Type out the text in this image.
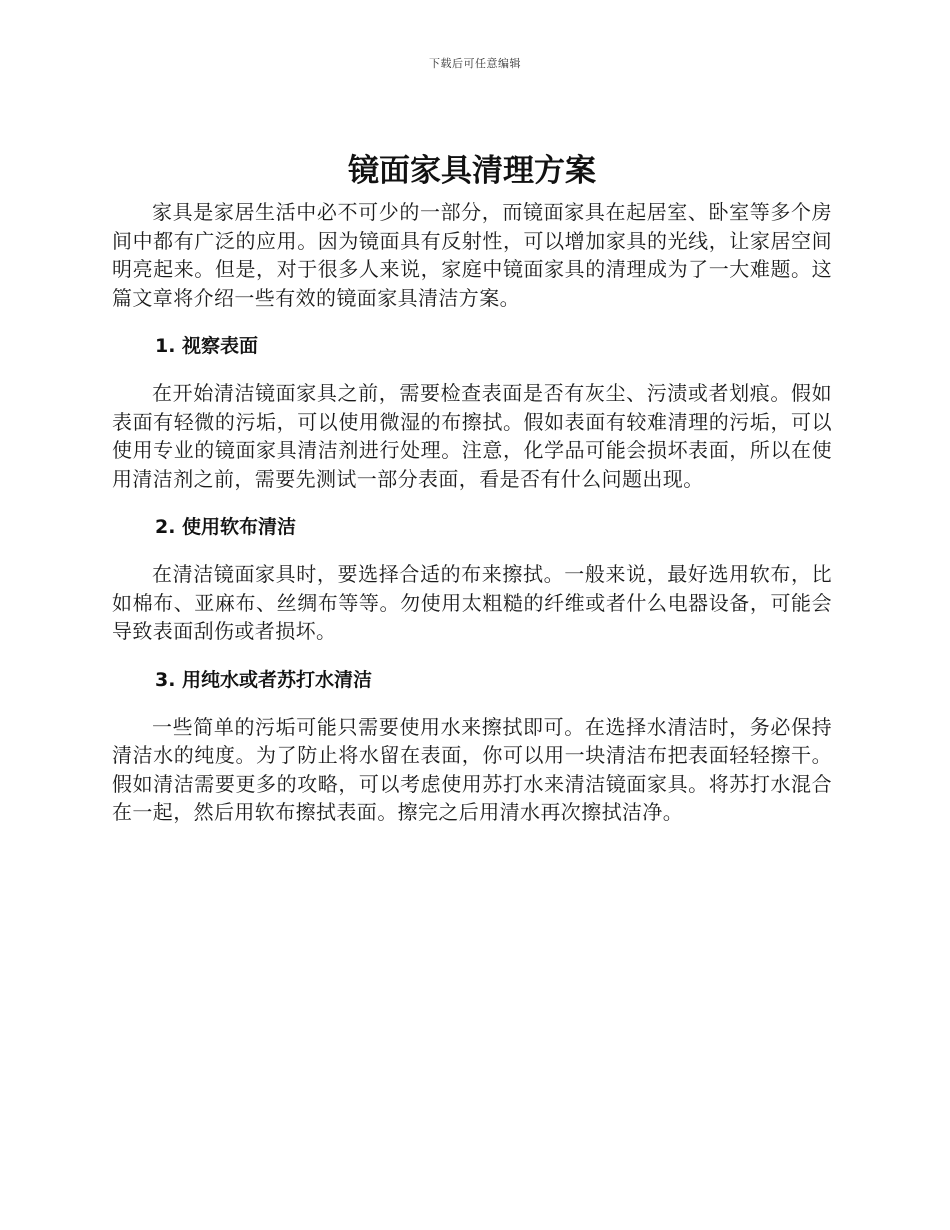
下载后可任意编辑
镜面家具清理方案

家具是家居生活中必不可少的一部分，而镜面家具在起居室、卧室等多个房间中都有广泛的应用。因为镜面具有反射性，可以增加家具的光线，让家居空间明亮起来。但是，对于很多人来说，家庭中镜面家具的清理成为了一大难题。这篇文章将介绍一些有效的镜面家具清洁方案。

1. 视察表面

在开始清洁镜面家具之前，需要检查表面是否有灰尘、污渍或者划痕。假如表面有轻微的污垢，可以使用微湿的布擦拭。假如表面有较难清理的污垢，可以使用专业的镜面家具清洁剂进行处理。注意，化学品可能会损坏表面，所以在使用清洁剂之前，需要先测试一部分表面，看是否有什么问题出现。

2. 使用软布清洁

在清洁镜面家具时，要选择合适的布来擦拭。一般来说，最好选用软布，比如棉布、亚麻布、丝绸布等等。勿使用太粗糙的纤维或者什么电器设备，可能会导致表面刮伤或者损坏。

3. 用纯水或者苏打水清洁

一些简单的污垢可能只需要使用水来擦拭即可。在选择水清洁时，务必保持清洁水的纯度。为了防止将水留在表面，你可以用一块清洁布把表面轻轻擦干。假如清洁需要更多的攻略，可以考虑使用苏打水来清洁镜面家具。将苏打水混合在一起，然后用软布擦拭表面。擦完之后用清水再次擦拭洁净。
